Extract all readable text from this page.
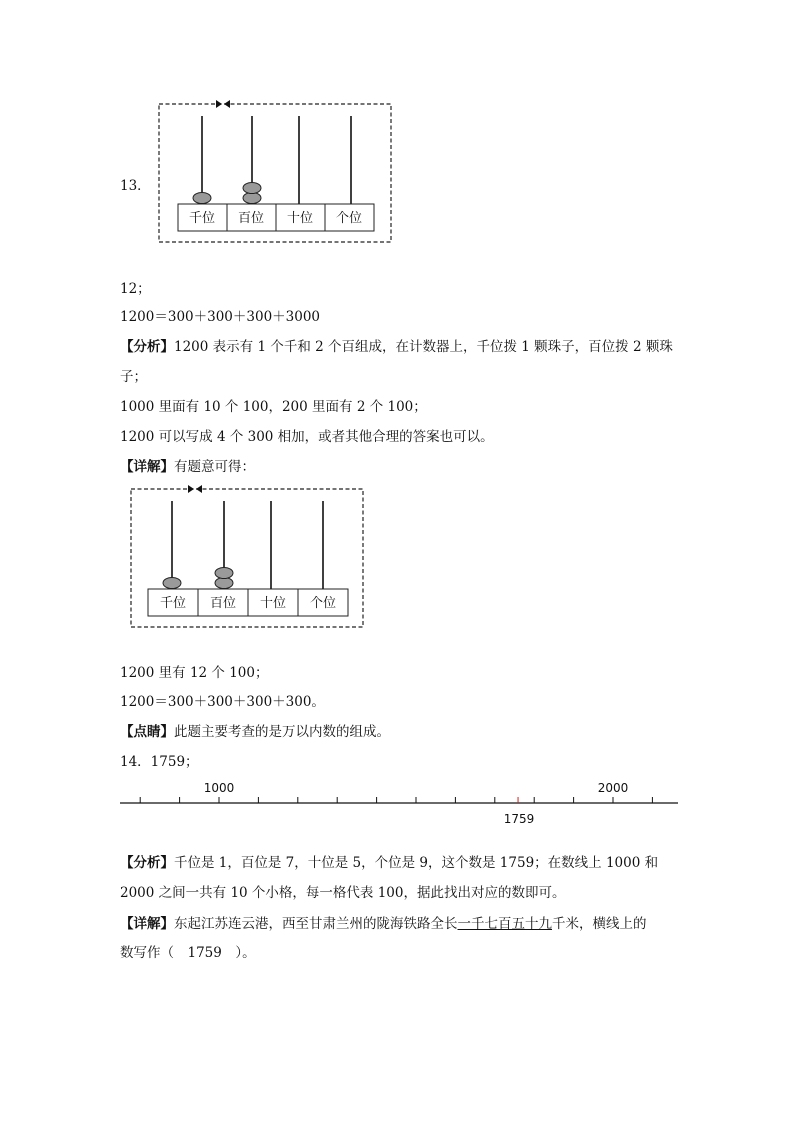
13．
千位 百位 十位 个位
12；
1200＝300＋300＋300＋3000
【分析】1200 表示有 1 个千和 2 个百组成，在计数器上，千位拨 1 颗珠子，百位拨 2 颗珠
子；
1000 里面有 10 个 100，200 里面有 2 个 100；
1200 可以写成 4 个 300 相加，或者其他合理的答案也可以。
【详解】有题意可得：
千位 百位 十位 个位
1200 里有 12 个 100；
1200＝300＋300＋300＋300。
【点睛】此题主要考查的是万以内数的组成。
14．1759；
1000	2000
1759
【分析】千位是 1，百位是 7，十位是 5，个位是 9，这个数是 1759；在数线上 1000 和
2000 之间一共有 10 个小格，每一格代表 100，据此找出对应的数即可。
【详解】东起江苏连云港，西至甘肃兰州的陇海铁路全长一千七百五十九千米，横线上的
数写作（　1759　）。
